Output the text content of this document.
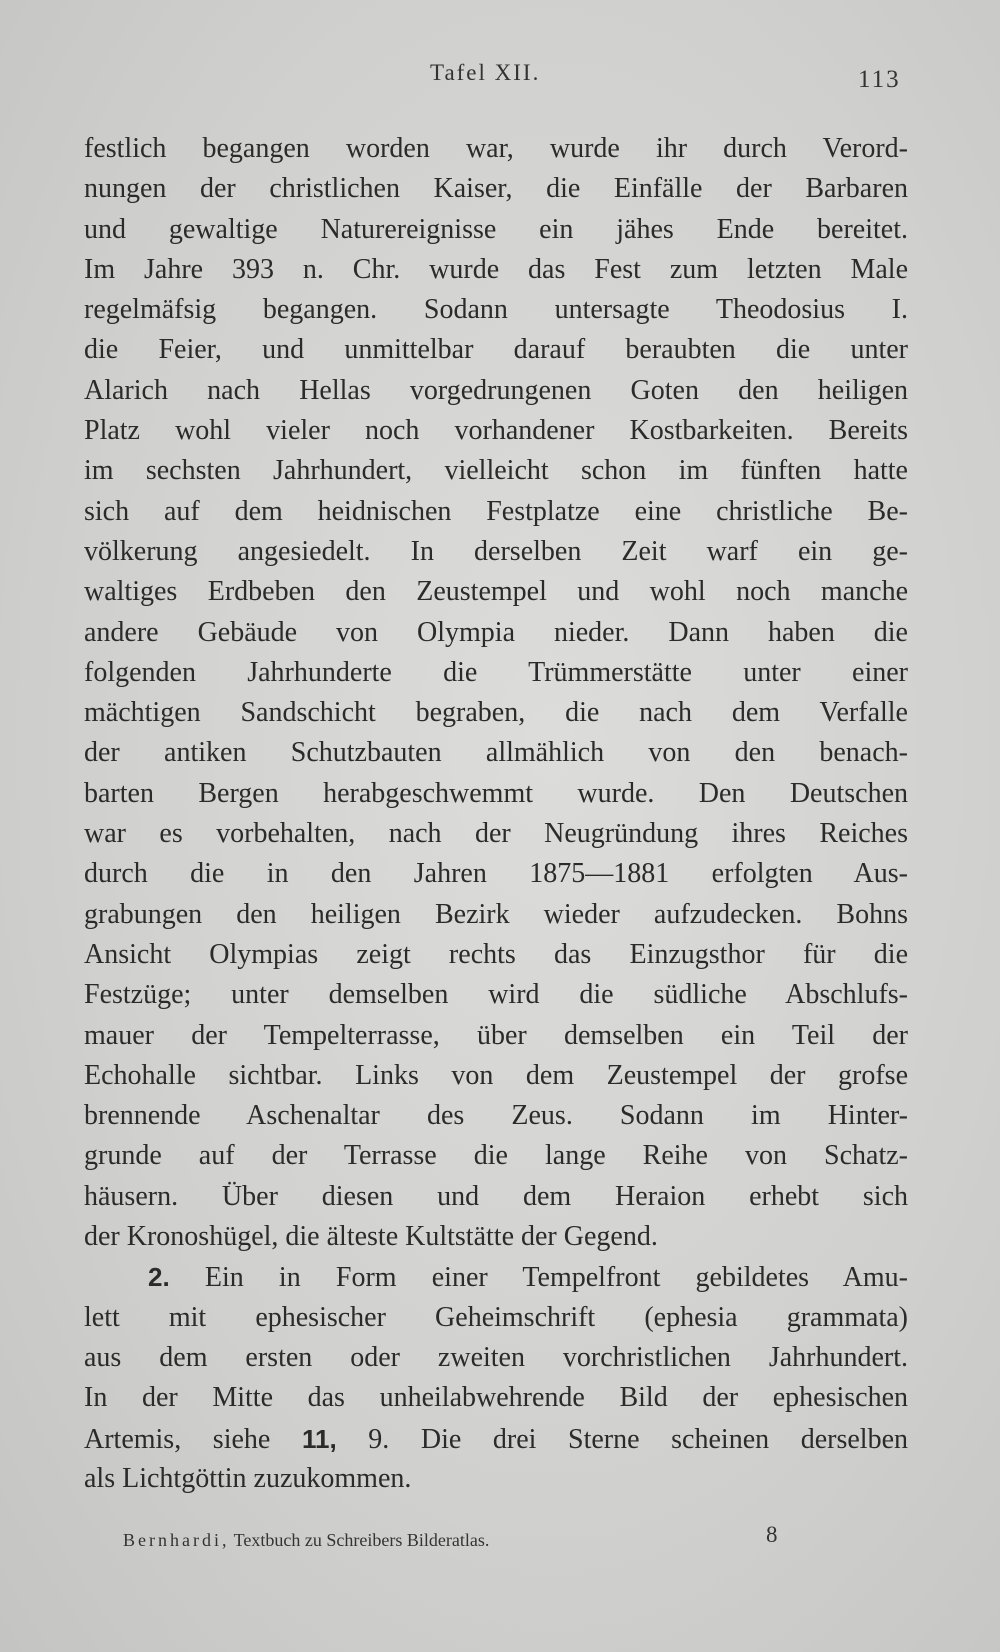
Tafel XII.	113
festlich begangen worden war, wurde ihr durch Verord-
nungen der christlichen Kaiser, die Einfälle der Barbaren
und gewaltige Naturereignisse ein jähes Ende bereitet.
Im Jahre 393 n. Chr. wurde das Fest zum letzten Male
regelmäfsig begangen. Sodann untersagte Theodosius I.
die Feier, und unmittelbar darauf beraubten die unter
Alarich nach Hellas vorgedrungenen Goten den heiligen
Platz wohl vieler noch vorhandener Kostbarkeiten. Bereits
im sechsten Jahrhundert, vielleicht schon im fünften hatte
sich auf dem heidnischen Festplatze eine christliche Be-
völkerung angesiedelt. In derselben Zeit warf ein ge-
waltiges Erdbeben den Zeustempel und wohl noch manche
andere Gebäude von Olympia nieder. Dann haben die
folgenden Jahrhunderte die Trümmerstätte unter einer
mächtigen Sandschicht begraben, die nach dem Verfalle
der antiken Schutzbauten allmählich von den benach-
barten Bergen herabgeschwemmt wurde. Den Deutschen
war es vorbehalten, nach der Neugründung ihres Reiches
durch die in den Jahren 1875—1881 erfolgten Aus-
grabungen den heiligen Bezirk wieder aufzudecken. Bohns
Ansicht Olympias zeigt rechts das Einzugsthor für die
Festzüge; unter demselben wird die südliche Abschlufs-
mauer der Tempelterrasse, über demselben ein Teil der
Echohalle sichtbar. Links von dem Zeustempel der grofse
brennende Aschenaltar des Zeus. Sodann im Hinter-
grunde auf der Terrasse die lange Reihe von Schatz-
häusern. Über diesen und dem Heraion erhebt sich
der Kronoshügel, die älteste Kultstätte der Gegend.
2. Ein in Form einer Tempelfront gebildetes Amu-
lett mit ephesischer Geheimschrift (ephesia grammata)
aus dem ersten oder zweiten vorchristlichen Jahrhundert.
In der Mitte das unheilabwehrende Bild der ephesischen
Artemis, siehe 11, 9. Die drei Sterne scheinen derselben
als Lichtgöttin zuzukommen.
Bernhardi, Textbuch zu Schreibers Bilderatlas.	8
